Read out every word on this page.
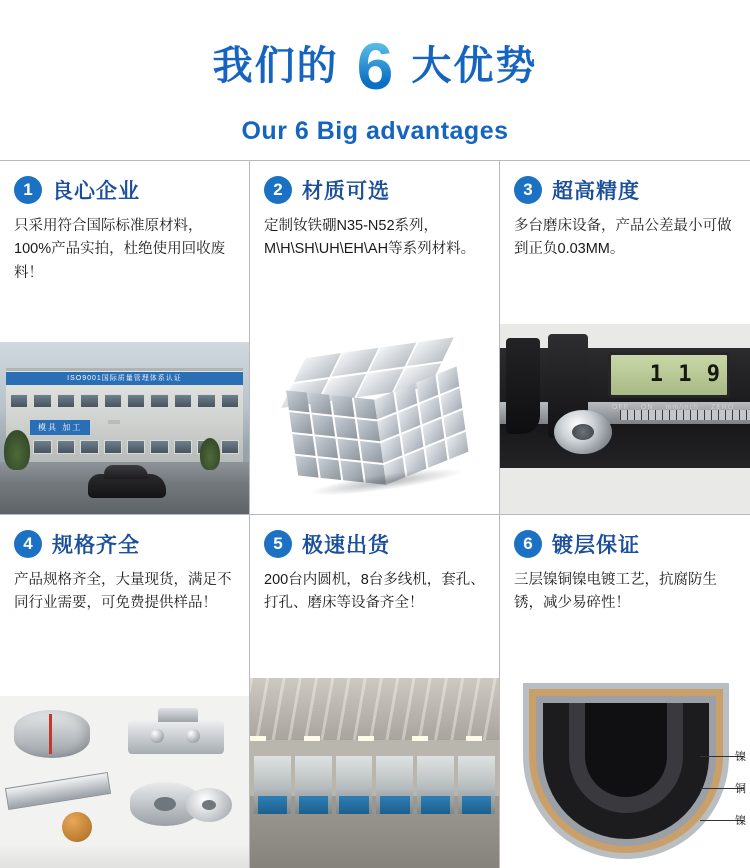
我们的 6 大优势
Our 6 Big advantages
1 良心企业

只采用符合国际标准原材料，100%产品实拍，杜绝使用回收废料！

ISO9001国际质量管理体系认证
模具 加工
2 材质可选

定制钕铁硼N35-N52系列，M\H\SH\UH\EH\AH等系列材料。

3 超高精度

多台磨床设备，产品公差最小可做到正负0.03MM。

1 1 9
OFF ON mm/inch ZERO
4 规格齐全

产品规格齐全，大量现货，满足不同行业需要，可免费提供样品！

5 极速出货

200台内圆机，8台多线机，套孔、打孔、磨床等设备齐全！

6 镀层保证

三层镍铜镍电镀工艺，抗腐防生锈，减少易碎性！

镍
铜
镍
